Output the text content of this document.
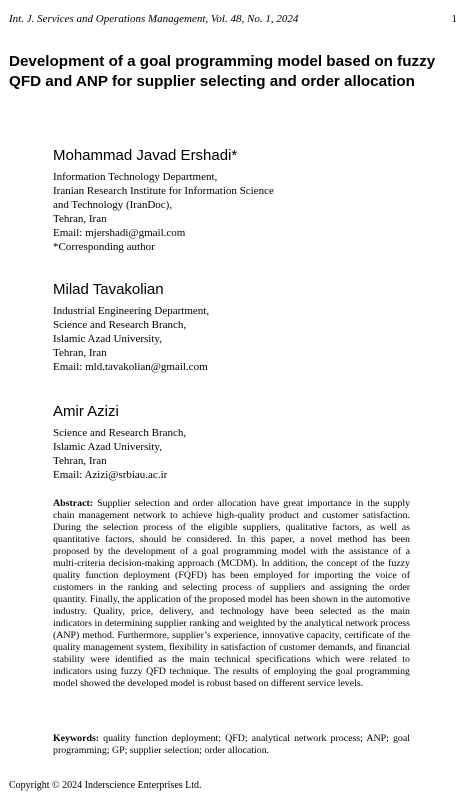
Int. J. Services and Operations Management, Vol. 48, No. 1, 2024	1
Development of a goal programming model based on fuzzy QFD and ANP for supplier selecting and order allocation
Mohammad Javad Ershadi*
Information Technology Department,
Iranian Research Institute for Information Science
and Technology (IranDoc),
Tehran, Iran
Email: mjershadi@gmail.com
*Corresponding author
Milad Tavakolian
Industrial Engineering Department,
Science and Research Branch,
Islamic Azad University,
Tehran, Iran
Email: mld.tavakolian@gmail.com
Amir Azizi
Science and Research Branch,
Islamic Azad University,
Tehran, Iran
Email: Azizi@srbiau.ac.ir

Abstract: Supplier selection and order allocation have great importance in the supply chain management network to achieve high-quality product and customer satisfaction. During the selection process of the eligible suppliers, qualitative factors, as well as quantitative factors, should be considered. In this paper, a novel method has been proposed by the development of a goal programming model with the assistance of a multi-criteria decision-making approach (MCDM). In addition, the concept of the fuzzy quality function deployment (FQFD) has been employed for importing the voice of customers in the ranking and selecting process of suppliers and assigning the order quantity. Finally, the application of the proposed model has been shown in the automotive industry. Quality, price, delivery, and technology have been selected as the main indicators in determining supplier ranking and weighted by the analytical network process (ANP) method. Furthermore, supplier’s experience, innovative capacity, certificate of the quality management system, flexibility in satisfaction of customer demands, and financial stability were identified as the main technical specifications which were related to indicators using fuzzy QFD technique. The results of employing the goal programming model showed the developed model is robust based on different service levels.

Keywords: quality function deployment; QFD; analytical network process; ANP; goal programming; GP; supplier selection; order allocation.

Copyright © 2024 Inderscience Enterprises Ltd.
